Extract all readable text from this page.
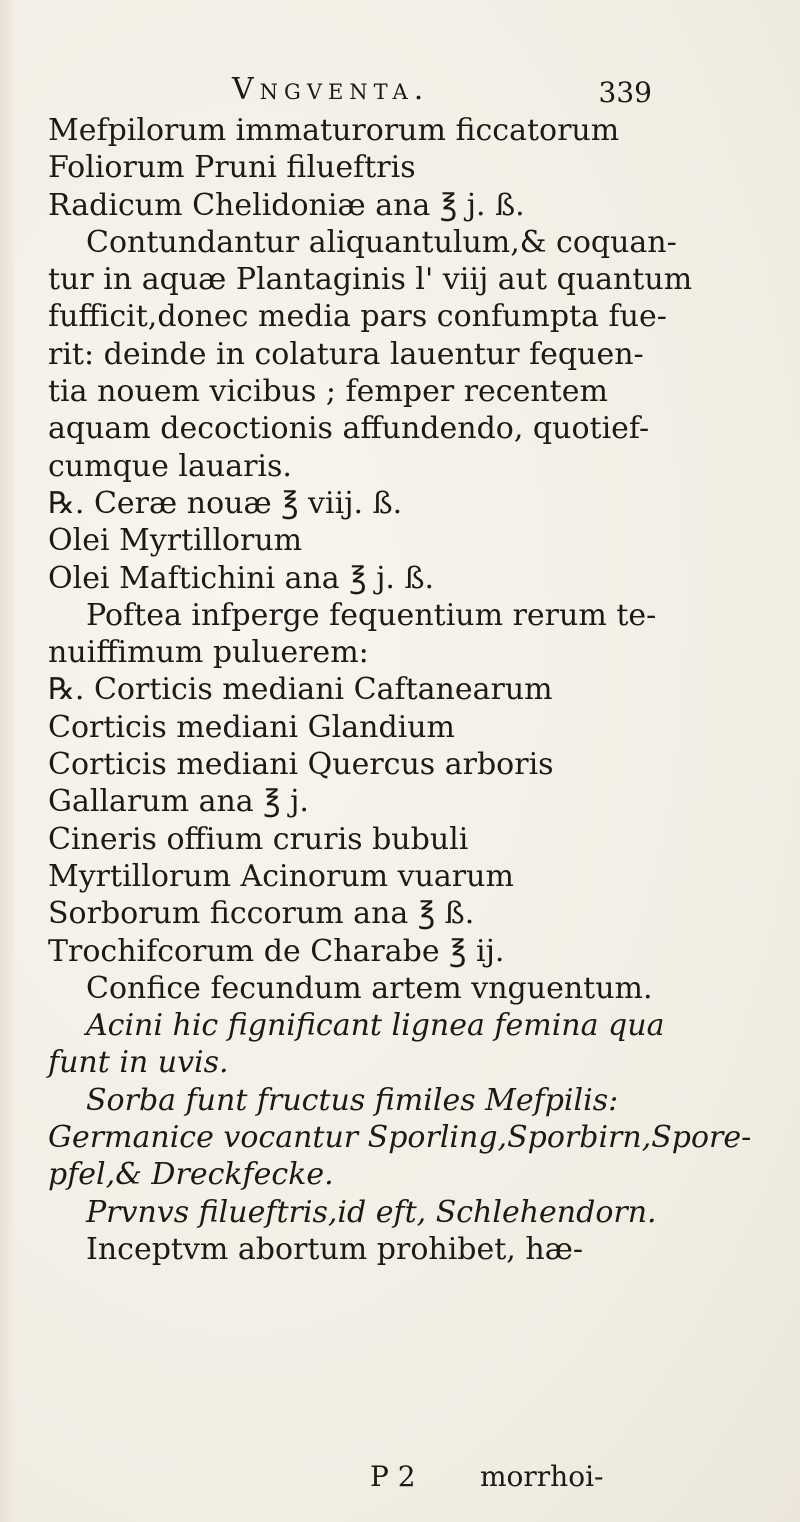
Vngventa.	339
Mefpilorum immaturorum ficcatorum
Foliorum Pruni filueftris
Radicum Chelidoniæ ana ℥ j. ß.
Contundantur aliquantulum,& coquan-
tur in aquæ Plantaginis l' viij aut quantum
fufficit,donec media pars confumpta fue-
rit: deinde in colatura lauentur fequen-
tia nouem vicibus ; femper recentem
aquam decoctionis affundendo, quotief-
cumque lauaris.
℞. Ceræ nouæ ℥ viij. ß.
Olei Myrtillorum
Olei Maftichini ana ℥ j. ß.
Poftea infperge fequentium rerum te-
nuiffimum puluerem:
℞. Corticis mediani Caftanearum
Corticis mediani Glandium
Corticis mediani Quercus arboris
Gallarum ana ℥ j.
Cineris offium cruris bubuli
Myrtillorum Acinorum vuarum
Sorborum ficcorum ana ℥ ß.
Trochifcorum de Charabe ℥ ij.
Confice fecundum artem vnguentum.
Acini hic fignificant lignea femina qua
funt in uvis.
Sorba funt fructus fimiles Mefpilis:
Germanice vocantur Sporling,Sporbirn,Spore-
pfel,& Dreckfecke.
Prvnvs filueftris,id eft, Schlehendorn.
Inceptvm abortum prohibet, hæ-
P 2 morrhoi-
